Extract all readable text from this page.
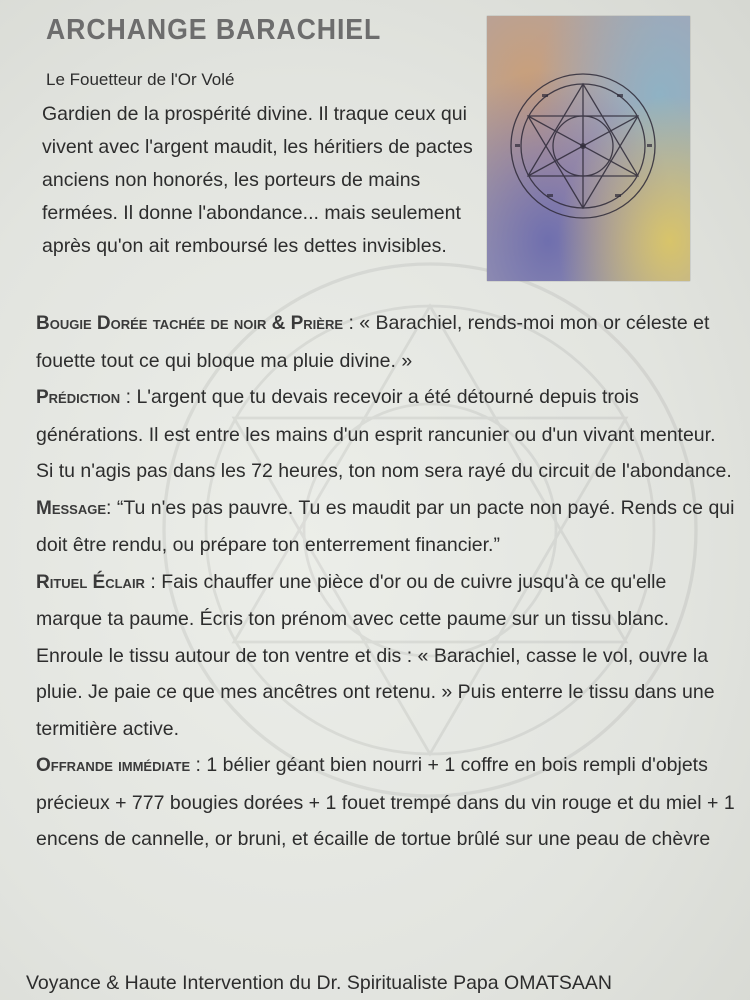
ARCHANGE BARACHIEL

Le Fouetteur de l'Or Volé

Gardien de la prospérité divine. Il traque ceux qui vivent avec l'argent maudit, les héritiers de pactes anciens non honorés, les porteurs de mains fermées. Il donne l'abondance... mais seulement après qu'on ait remboursé les dettes invisibles.

Bougie Dorée tachée de noir & Prière : « Barachiel, rends-moi mon or céleste et fouette tout ce qui bloque ma pluie divine. »

Prédiction : L'argent que tu devais recevoir a été détourné depuis trois générations. Il est entre les mains d'un esprit rancunier ou d'un vivant menteur. Si tu n'agis pas dans les 72 heures, ton nom sera rayé du circuit de l'abondance.

Message: “Tu n'es pas pauvre. Tu es maudit par un pacte non payé. Rends ce qui doit être rendu, ou prépare ton enterrement financier.”

Rituel Éclair : Fais chauffer une pièce d'or ou de cuivre jusqu'à ce qu'elle marque ta paume. Écris ton prénom avec cette paume sur un tissu blanc. Enroule le tissu autour de ton ventre et dis : « Barachiel, casse le vol, ouvre la pluie. Je paie ce que mes ancêtres ont retenu. » Puis enterre le tissu dans une termitière active.

Offrande immédiate : 1 bélier géant bien nourri + 1 coffre en bois rempli d'objets précieux + 777 bougies dorées + 1 fouet trempé dans du vin rouge et du miel + 1 encens de cannelle, or bruni, et écaille de tortue brûlé sur une peau de chèvre

Voyance & Haute Intervention du Dr. Spiritualiste Papa OMATSAAN
